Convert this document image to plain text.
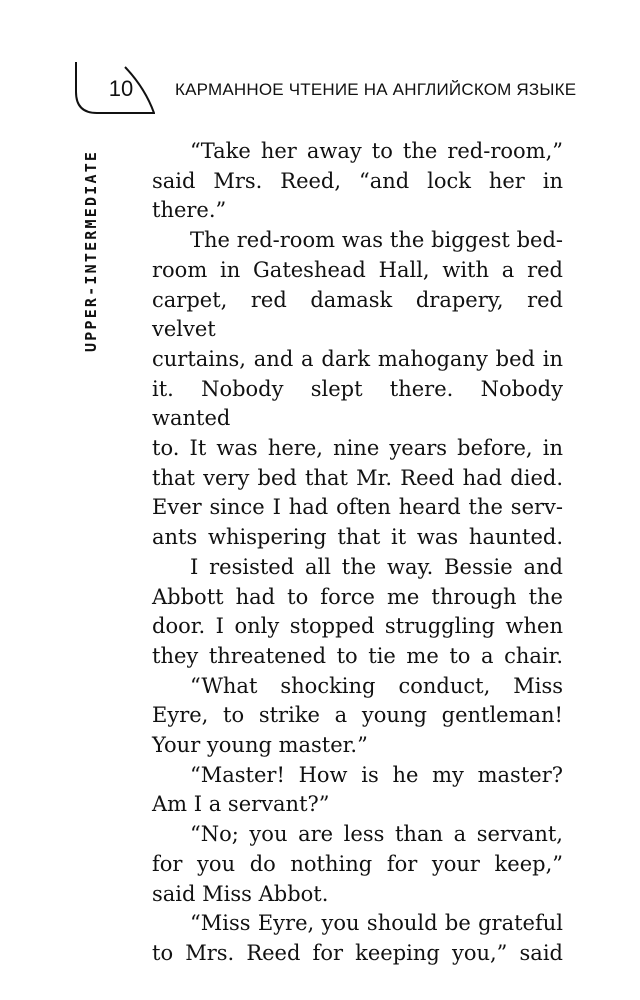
10	КАРМАННОЕ ЧТЕНИЕ НА АНГЛИЙСКОМ ЯЗЫКЕ
UPPER-INTERMEDIATE	“Take her away to the red-room,”

said Mrs. Reed, “and lock her in there.”

The red-room was the biggest bed-

room in Gateshead Hall, with a red

carpet, red damask drapery, red velvet

curtains, and a dark mahogany bed in

it. Nobody slept there. Nobody wanted

to. It was here, nine years before, in

that very bed that Mr. Reed had died.

Ever since I had often heard the serv-

ants whispering that it was haunted.

I resisted all the way. Bessie and

Abbott had to force me through the

door. I only stopped struggling when

they threatened to tie me to a chair.

“What shocking conduct, Miss

Eyre, to strike a young gentleman!

Your young master.”

“Master! How is he my master?

Am I a servant?”

“No; you are less than a servant,

for you do nothing for your keep,”

said Miss Abbot.

“Miss Eyre, you should be grateful

to Mrs. Reed for keeping you,” said
